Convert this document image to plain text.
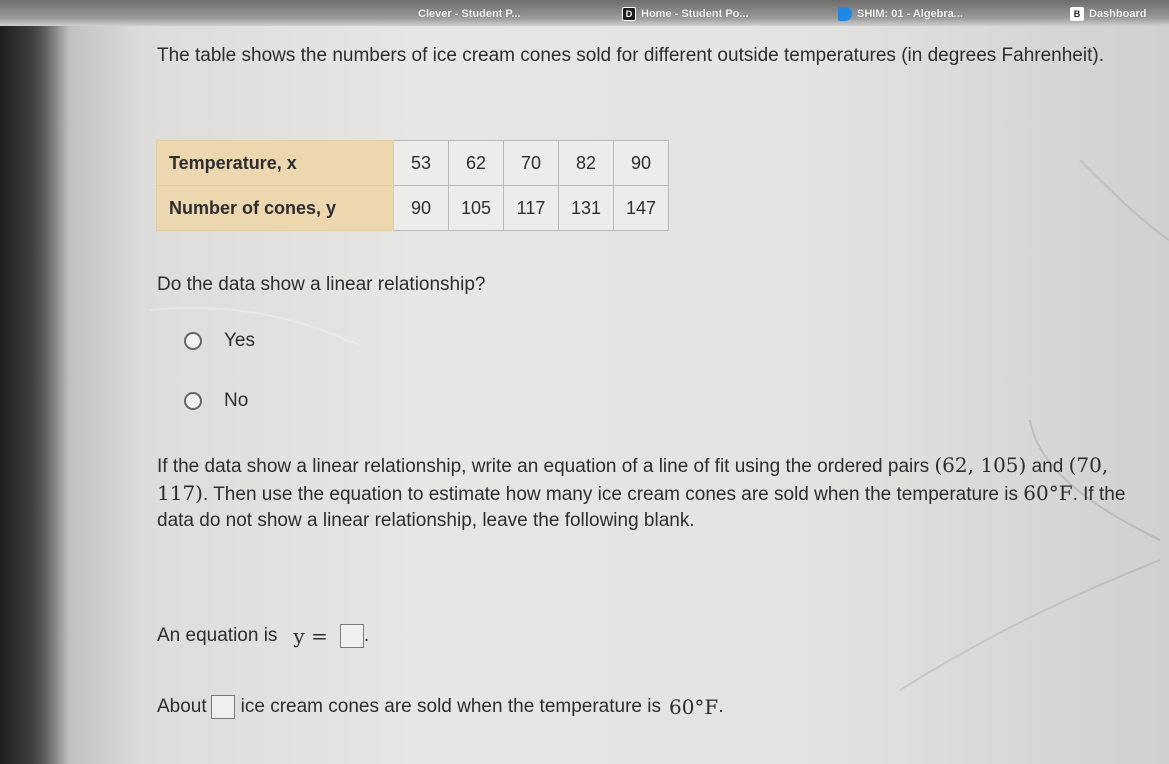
Clever - Student P...	D Home - Student Po...	SHIM: 01 - Algebra...	B Dashboard
The table shows the numbers of ice cream cones sold for different outside temperatures (in degrees Fahrenheit).
Temperature, x	53	62	70	82	90
Number of cones, y	90	105	117	131	147
Do the data show a linear relationship?
Yes
No
If the data show a linear relationship, write an equation of a line of fit using the ordered pairs (62, 105) and (70, 117). Then use the equation to estimate how many ice cream cones are sold when the temperature is 60°F. If the data do not show a linear relationship, leave the following blank.
An equation is y = .
About ice cream cones are sold when the temperature is 60°F .
